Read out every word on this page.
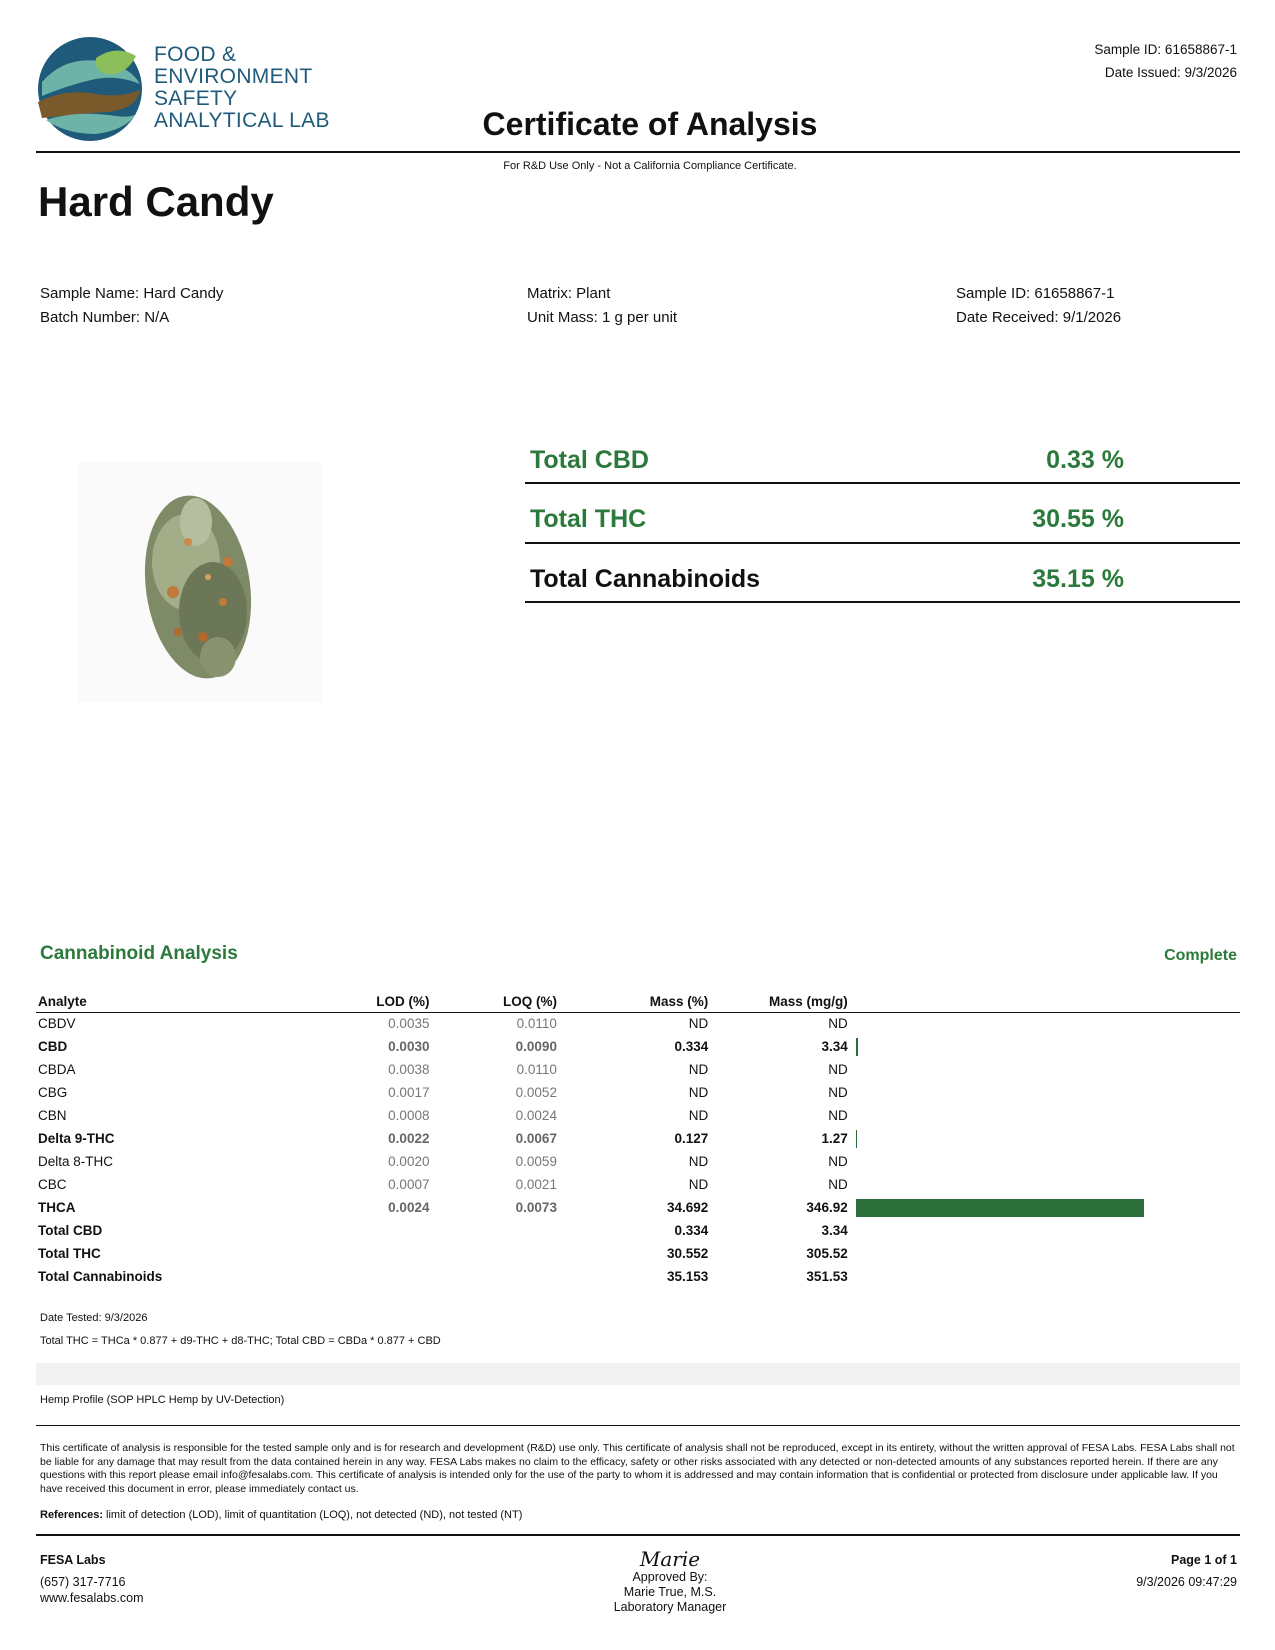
FOOD &
ENVIRONMENT
SAFETY
ANALYTICAL LAB
Sample ID: 61658867-1
Date Issued: 9/3/2026
Certificate of Analysis
For R&D Use Only - Not a California Compliance Certificate.
Hard Candy
Sample Name: Hard Candy
Batch Number: N/A
Matrix: Plant
Unit Mass: 1 g per unit
Sample ID: 61658867-1
Date Received: 9/1/2026
Total CBD	0.33 %
Total THC	30.55 %
Total Cannabinoids	35.15 %
Cannabinoid Analysis	Complete
Analyte	LOD (%)	LOQ (%)	Mass (%)	Mass (mg/g)	
CBDV	0.0035	0.0110	ND	ND	
CBD	0.0030	0.0090	0.334	3.34	
CBDA	0.0038	0.0110	ND	ND	
CBG	0.0017	0.0052	ND	ND	
CBN	0.0008	0.0024	ND	ND	
Delta 9-THC	0.0022	0.0067	0.127	1.27	
Delta 8-THC	0.0020	0.0059	ND	ND	
CBC	0.0007	0.0021	ND	ND	
THCA	0.0024	0.0073	34.692	346.92	
Total CBD			0.334	3.34	
Total THC			30.552	305.52	
Total Cannabinoids			35.153	351.53	
Date Tested: 9/3/2026
Total THC = THCa * 0.877 + d9-THC + d8-THC; Total CBD = CBDa * 0.877 + CBD
Hemp Profile (SOP HPLC Hemp by UV-Detection)
This certificate of analysis is responsible for the tested sample only and is for research and development (R&D) use only. This certificate of analysis shall not be reproduced, except in its entirety, without the written approval of FESA Labs. FESA Labs shall not be liable for any damage that may result from the data contained herein in any way. FESA Labs makes no claim to the efficacy, safety or other risks associated with any detected or non-detected amounts of any substances reported herein. If there are any questions with this report please email info@fesalabs.com. This certificate of analysis is intended only for the use of the party to whom it is addressed and may contain information that is confidential or protected from disclosure under applicable law. If you have received this document in error, please immediately contact us.
References: limit of detection (LOD), limit of quantitation (LOQ), not detected (ND), not tested (NT)
FESA Labs
(657) 317-7716
www.fesalabs.com
Marie
Approved By:
Marie True, M.S.
Laboratory Manager
Page 1 of 1
9/3/2026 09:47:29
